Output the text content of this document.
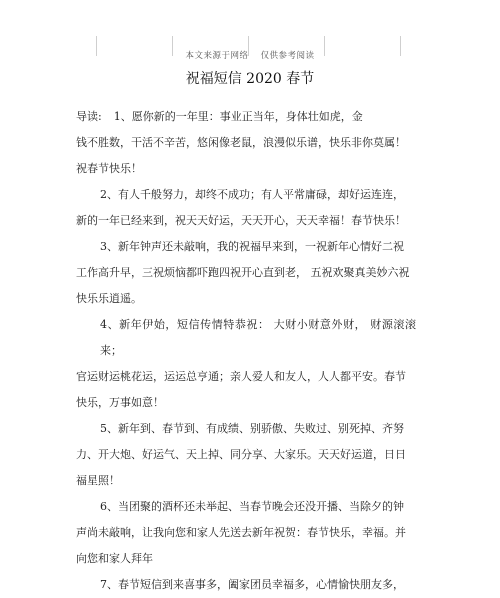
本文来源于网络 仅供参考阅读
祝福短信 2020 春节

导读: 1、愿你新的一年里：事业正当年，身体壮如虎，金

钱不胜数，干活不辛苦，悠闲像老鼠，浪漫似乐谱，快乐非你莫属！

祝春节快乐！

2、有人千般努力，却终不成功；有人平常庸碌，却好运连连，

新的一年已经来到，祝天天好运，天天开心，天天幸福！春节快乐！

3、新年钟声还未敲响，我的祝福早来到，一祝新年心情好二祝

工作高升早，三祝烦恼都吓跑四祝开心直到老， 五祝欢聚真美妙六祝

快乐乐逍遥。

4、新年伊始，短信传情特恭祝： 大财小财意外财， 财源滚滚来；

官运财运桃花运，运运总亨通；亲人爱人和友人，人人都平安。春节

快乐，万事如意！

5、新年到、春节到、有成绩、别骄傲、失败过、别死掉、齐努

力、开大炮、好运气、天上掉、同分享、大家乐。天天好运道，日日

福星照！

6、当团聚的酒杯还未举起、当春节晚会还没开播、当除夕的钟

声尚未敲响，让我向您和家人先送去新年祝贺：春节快乐，幸福。并

向您和家人拜年

7、春节短信到来喜事多，阖家团员幸福多，心情愉快朋友多，
